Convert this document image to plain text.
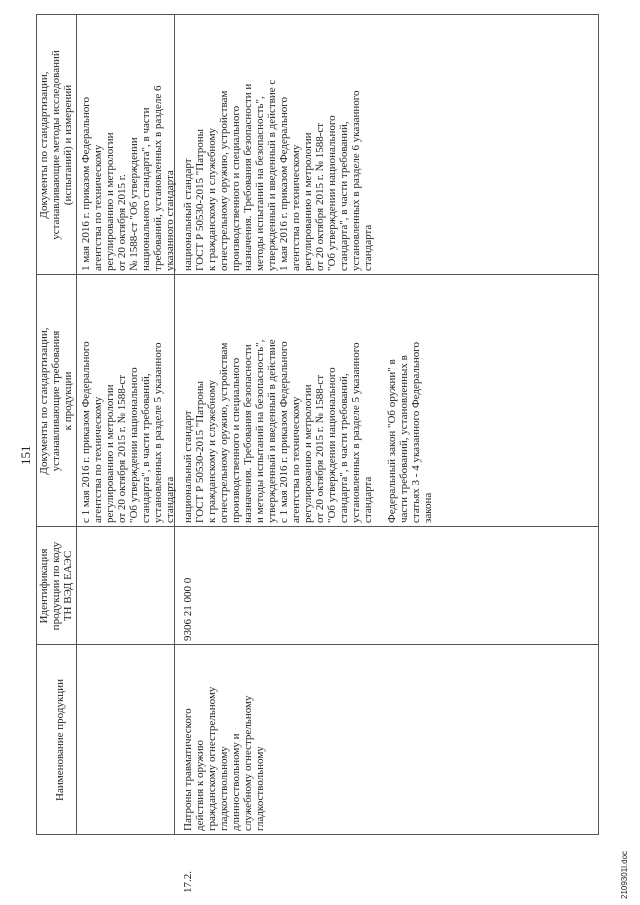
151
Наименование продукции
Идентификация
продукции по коду
ТН ВЭД ЕАЭС
Документы по стандартизации,
устанавливающие требования
к продукции
Документы по стандартизации,
устанавливающие методы исследований
(испытаний) и измерений
с 1 мая 2016 г. приказом Федерального
агентства по техническому
регулированию и метрологии
от 20 октября 2015 г. № 1588-ст
"Об утверждении национального
стандарта", в части требований,
установленных в разделе 5 указанного
стандарта
1 мая 2016 г. приказом Федерального
агентства по техническому
регулированию и метрологии
от 20 октября 2015 г.
№ 1588-ст "Об утверждении
национального стандарта", в части
требований, установленных в разделе 6
указанного стандарта
17.2.
Патроны травматического
действия к оружию
гражданскому огнестрельному
гладкоствольному
длинноствольному и
служебному огнестрельному
гладкоствольному
9306 21 000 0
национальный стандарт
ГОСТ Р 50530-2015 "Патроны
к гражданскому и служебному
огнестрельному оружию, устройствам
производственного и специального
назначения. Требования безопасности
и методы испытаний на безопасность",
утвержденный и введенный в действие
с 1 мая 2016 г. приказом Федерального
агентства по техническому
регулированию и метрологии
от 20 октября 2015 г. № 1588-ст
"Об утверждении национального
стандарта", в части требований,
установленных в разделе 5 указанного
стандарта Федеральный закон "Об оружии" в
части требований, установленных в
статьях 3 - 4 указанного Федерального
закона
национальный стандарт
ГОСТ Р 50530-2015 "Патроны
к гражданскому и служебному
огнестрельному оружию, устройствам
производственного и специального
назначения. Требования безопасности и
методы испытаний на безопасность",
утвержденный и введенный в действие с
1 мая 2016 г. приказом Федерального
агентства по техническому
регулированию и метрологии
от 20 октября 2015 г. № 1588-ст
"Об утверждении национального
стандарта", в части требований,
установленных в разделе 6 указанного
стандарта
2109301l.doc
